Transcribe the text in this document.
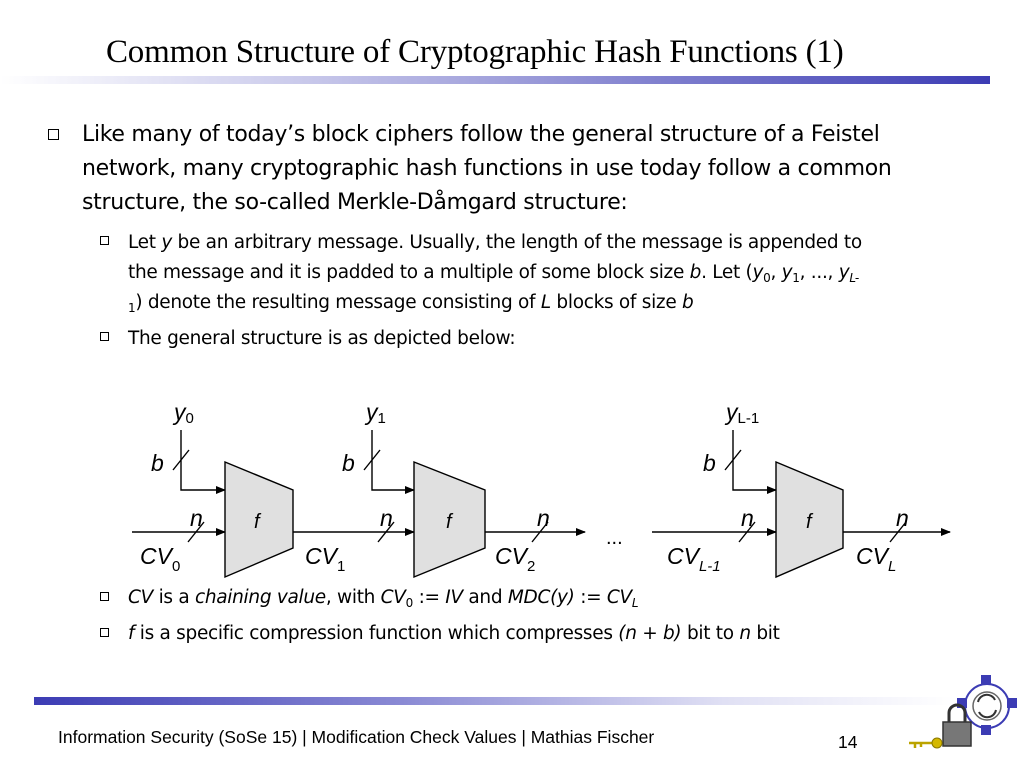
Common Structure of Cryptographic Hash Functions (1)
Like many of today’s block ciphers follow the general structure of a Feistel
network, many cryptographic hash functions in use today follow a common
structure, the so-called Merkle-Dåmgard structure:
Let y be an arbitrary message. Usually, the length of the message is appended to
the message and it is padded to a multiple of some block size b. Let ($y_0$, $y_1$, ..., $y_{L-}$
$_1$) denote the resulting message consisting of L blocks of size b
The general structure is as depicted below:
y0	y1	yL-1
b	b	b
n	n	n	n	n
f	f	f
$CV_0$	$CV_1$	$CV_2$	$CV_{L-1}$	$CV_L$
...
CV is a chaining value, with $CV_0$ := IV and MDC(y) := $CV_L$
f is a specific compression function which compresses (n + b) bit to n bit
Information Security (SoSe 15) | Modification Check Values | Mathias Fischer	14
